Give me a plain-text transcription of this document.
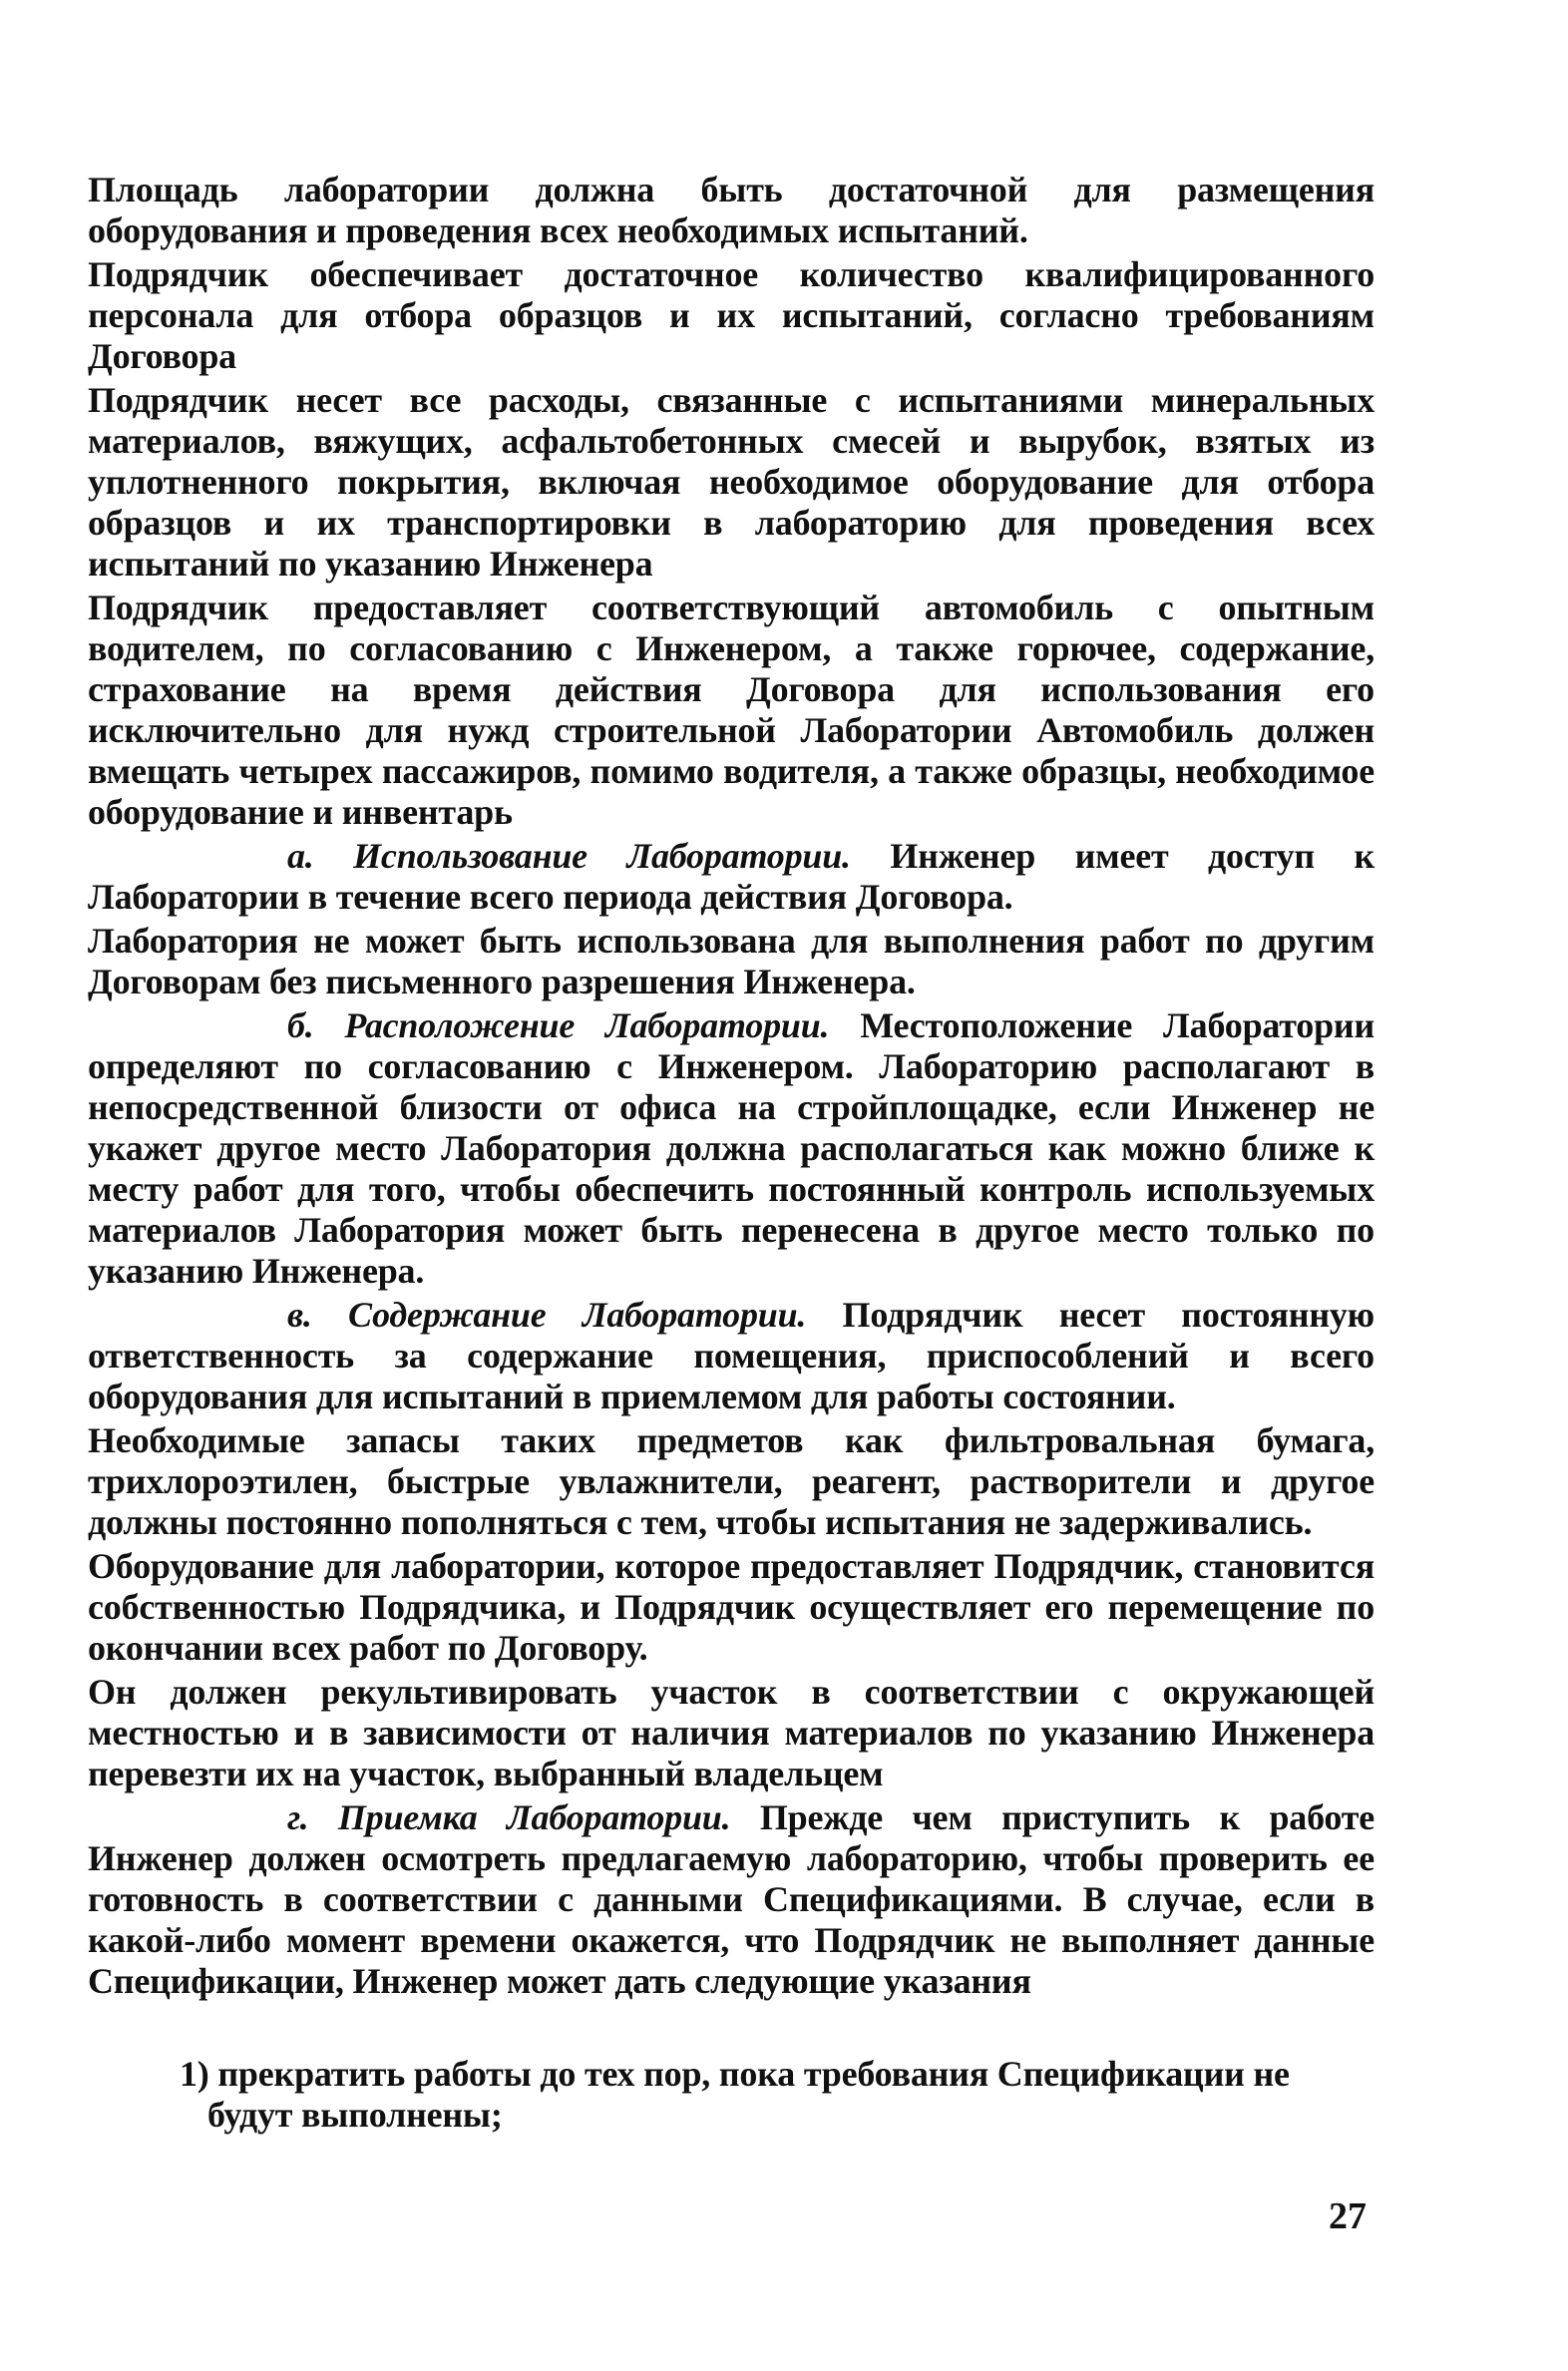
Площадь лаборатории должна быть достаточной для размещения оборудования и проведения всех необходимых испытаний.

Подрядчик обеспечивает достаточное количество квалифицированного персонала для отбора образцов и их испытаний, согласно требованиям Договора

Подрядчик несет все расходы, связанные с испытаниями минеральных материалов, вяжущих, асфальтобетонных смесей и вырубок, взятых из уплотненного покрытия, включая необходимое оборудование для отбора образцов и их транспортировки в лабораторию для проведения всех испытаний по указанию Инженера

Подрядчик предоставляет соответствующий автомобиль с опытным водителем, по согласованию с Инженером, а также горючее, содержание, страхование на время действия Договора для использования его исключительно для нужд строительной Лаборатории Автомобиль должен вмещать четырех пассажиров, помимо водителя, а также образцы, необходимое оборудование и инвентарь

а. Использование Лаборатории. Инженер имеет доступ к Лаборатории в течение всего периода действия Договора.

Лаборатория не может быть использована для выполнения работ по другим Договорам без письменного разрешения Инженера.

б. Расположение Лаборатории. Местоположение Лаборатории определяют по согласованию с Инженером. Лабораторию располагают в непосредственной близости от офиса на стройплощадке, если Инженер не укажет другое место Лаборатория должна располагаться как можно ближе к месту работ для того, чтобы обеспечить постоянный контроль используемых материалов Лаборатория может быть перенесена в другое место только по указанию Инженера.

в. Содержание Лаборатории. Подрядчик несет постоянную ответственность за содержание помещения, приспособлений и всего оборудования для испытаний в приемлемом для работы состоянии.

Необходимые запасы таких предметов как фильтровальная бумага, трихлороэтилен, быстрые увлажнители, реагент, растворители и другое должны постоянно пополняться с тем, чтобы испытания не задерживались.

Оборудование для лаборатории, которое предоставляет Подрядчик, становится собственностью Подрядчика, и Подрядчик осуществляет его перемещение по окончании всех работ по Договору.

Он должен рекультивировать участок в соответствии с окружающей местностью и в зависимости от наличия материалов по указанию Инженера перевезти их на участок, выбранный владельцем

г. Приемка Лаборатории. Прежде чем приступить к работе Инженер должен осмотреть предлагаемую лабораторию, чтобы проверить ее готовность в соответствии с данными Спецификациями. В случае, если в какой-либо момент времени окажется, что Подрядчик не выполняет данные Спецификации, Инженер может дать следующие указания

1) прекратить работы до тех пор, пока требования Спецификации не будут выполнены;

27
